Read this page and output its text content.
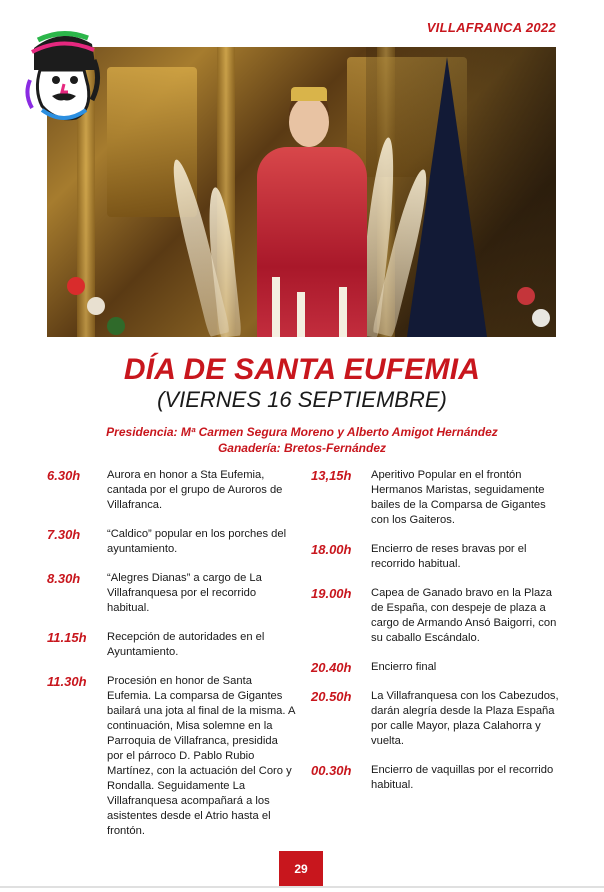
VILLAFRANCA 2022
DÍA DE SANTA EUFEMIA
(VIERNES 16 SEPTIEMBRE)
Presidencia: Mª Carmen Segura Moreno y Alberto Amigot Hernández
Ganadería: Bretos-Fernández
6.30h	Aurora en honor a Sta Eufemia, cantada por el grupo de Auroros de Villafranca.
7.30h	“Caldico” popular en los porches del ayuntamiento.
8.30h	“Alegres Dianas” a cargo de La Villafranquesa por el recorrido habitual.
11.15h	Recepción de autoridades en el Ayuntamiento.
11.30h	Procesión en honor de Santa Eufemia. La comparsa de Gigantes bailará una jota al final de la misma. A continuación, Misa solemne en la Parroquia de Villafranca, presidida por el párroco D. Pablo Rubio Martínez, con la actuación del Coro y Rondalla. Seguidamente La Villafranquesa acompañará a los asistentes desde el Atrio hasta el frontón.
13,15h	Aperitivo Popular en el frontón Hermanos Maristas, seguidamente bailes de la Comparsa de Gigantes con los Gaiteros.
18.00h	Encierro de reses bravas por el recorrido habitual.
19.00h	Capea de Ganado bravo en la Plaza de España, con despeje de plaza a cargo de Armando Ansó Baigorri, con su caballo Escándalo.
20.40h	Encierro final
20.50h	La Villafranquesa con los Cabezudos, darán alegría desde la Plaza España por calle Mayor, plaza Calahorra y vuelta.
00.30h	Encierro de vaquillas por el recorrido habitual.
29
